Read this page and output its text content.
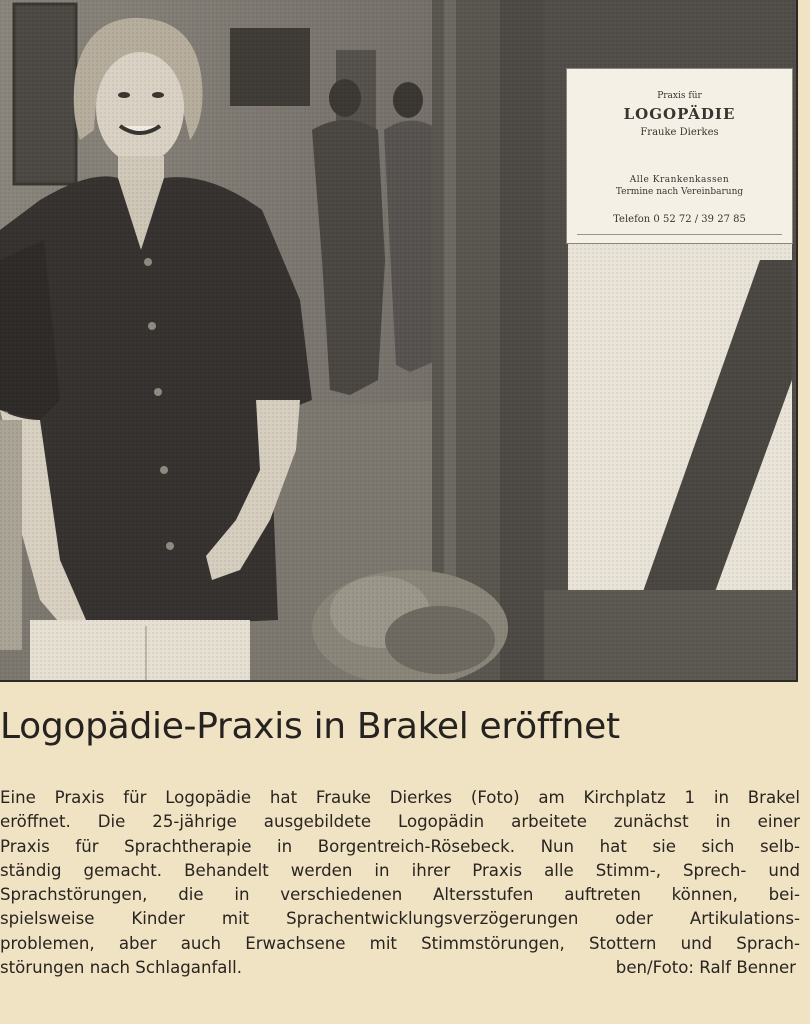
Praxis für
LOGOPÄDIE
Frauke Dierkes
Alle Krankenkassen
Termine nach Vereinbarung
Telefon 0 52 72 / 39 27 85
Logopädie-Praxis in Brakel eröffnet
Eine Praxis für Logopädie hat Frauke Dierkes (Foto) am Kirchplatz 1 in Brakel
eröffnet. Die 25-jährige ausgebildete Logopädin arbeitete zunächst in einer
Praxis für Sprachtherapie in Borgentreich-Rösebeck. Nun hat sie sich selb-
ständig gemacht. Behandelt werden in ihrer Praxis alle Stimm-, Sprech- und
Sprachstörungen, die in verschiedenen Altersstufen auftreten können, bei-
spielsweise Kinder mit Sprachentwicklungsverzögerungen oder Artikulations-
problemen, aber auch Erwachsene mit Stimmstörungen, Stottern und Sprach-
störungen nach Schlaganfall.	ben/Foto: Ralf Benner
